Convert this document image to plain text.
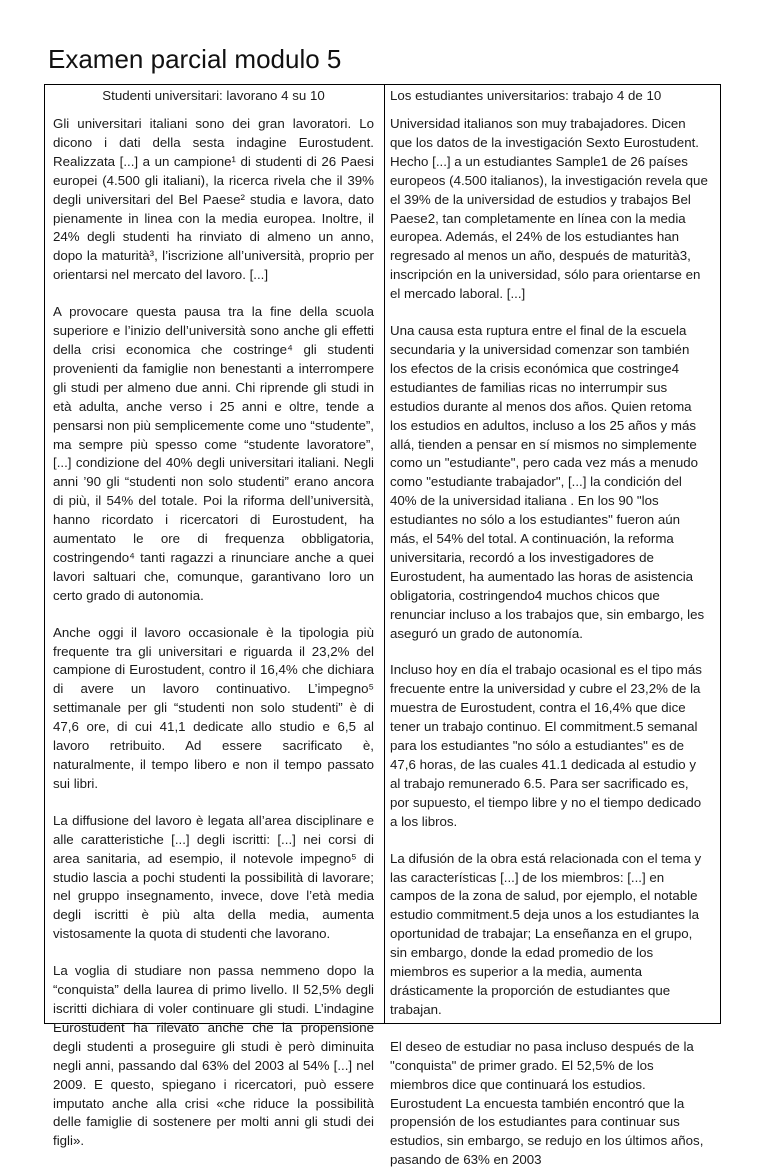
Examen parcial modulo 5
Studenti universitari: lavorano 4 su 10

Gli universitari italiani sono dei gran lavoratori. Lo dicono i dati della sesta indagine Eurostudent. Realizzata [...] a un campione¹ di studenti di 26 Paesi europei (4.500 gli italiani), la ricerca rivela che il 39% degli universitari del Bel Paese² studia e lavora, dato pienamente in linea con la media europea. Inoltre, il 24% degli studenti ha rinviato di almeno un anno, dopo la maturità³, l’iscrizione all’università, proprio per orientarsi nel mercato del lavoro. [...]

A provocare questa pausa tra la fine della scuola superiore e l’inizio dell’università sono anche gli effetti della crisi economica che costringe⁴ gli studenti provenienti da famiglie non benestanti a interrompere gli studi per almeno due anni. Chi riprende gli studi in età adulta, anche verso i 25 anni e oltre, tende a pensarsi non più semplicemente come uno “studente”, ma sempre più spesso come “studente lavoratore”, [...] condizione del 40% degli universitari italiani. Negli anni ’90 gli “studenti non solo studenti” erano ancora di più, il 54% del totale. Poi la riforma dell’università, hanno ricordato i ricercatori di Eurostudent, ha aumentato le ore di frequenza obbligatoria, costringendo⁴ tanti ragazzi a rinunciare anche a quei lavori saltuari che, comunque, garantivano loro un certo grado di autonomia.

Anche oggi il lavoro occasionale è la tipologia più frequente tra gli universitari e riguarda il 23,2% del campione di Eurostudent, contro il 16,4% che dichiara di avere un lavoro continuativo. L’impegno⁵ settimanale per gli “studenti non solo studenti” è di 47,6 ore, di cui 41,1 dedicate allo studio e 6,5 al lavoro retribuito. Ad essere sacrificato è, naturalmente, il tempo libero e non il tempo passato sui libri.

La diffusione del lavoro è legata all’area disciplinare e alle caratteristiche [...] degli iscritti: [...] nei corsi di area sanitaria, ad esempio, il notevole impegno⁵ di studio lascia a pochi studenti la possibilità di lavorare; nel gruppo insegnamento, invece, dove l’età media degli iscritti è più alta della media, aumenta vistosamente la quota di studenti che lavorano.

La voglia di studiare non passa nemmeno dopo la “conquista” della laurea di primo livello. Il 52,5% degli iscritti dichiara di voler continuare gli studi. L’indagine Eurostudent ha rilevato anche che la propensione degli studenti a proseguire gli studi è però diminuita negli anni, passando dal 63% del 2003 al 54% [...] nel 2009. E questo, spiegano i ricercatori, può essere imputato anche alla crisi «che riduce la possibilità delle famiglie di sostenere per molti anni gli studi dei figli».

Los estudiantes universitarios: trabajo 4 de 10

Universidad italianos son muy trabajadores. Dicen que los datos de la investigación Sexto Eurostudent. Hecho [...] a un estudiantes Sample1 de 26 países europeos (4.500 italianos), la investigación revela que el 39% de la universidad de estudios y trabajos Bel Paese2, tan completamente en línea con la media europea. Además, el 24% de los estudiantes han regresado al menos un año, después de maturità3, inscripción en la universidad, sólo para orientarse en el mercado laboral. [...]

Una causa esta ruptura entre el final de la escuela secundaria y la universidad comenzar son también los efectos de la crisis económica que costringe4 estudiantes de familias ricas no interrumpir sus estudios durante al menos dos años. Quien retoma los estudios en adultos, incluso a los 25 años y más allá, tienden a pensar en sí mismos no simplemente como un "estudiante", pero cada vez más a menudo como "estudiante trabajador", [...] la condición del 40% de la universidad italiana . En los 90 "los estudiantes no sólo a los estudiantes" fueron aún más, el 54% del total. A continuación, la reforma universitaria, recordó a los investigadores de Eurostudent, ha aumentado las horas de asistencia obligatoria, costringendo4 muchos chicos que renunciar incluso a los trabajos que, sin embargo, les aseguró un grado de autonomía.

Incluso hoy en día el trabajo ocasional es el tipo más frecuente entre la universidad y cubre el 23,2% de la muestra de Eurostudent, contra el 16,4% que dice tener un trabajo continuo. El commitment.5 semanal para los estudiantes "no sólo a estudiantes" es de 47,6 horas, de las cuales 41.1 dedicada al estudio y al trabajo remunerado 6.5. Para ser sacrificado es, por supuesto, el tiempo libre y no el tiempo dedicado a los libros.

La difusión de la obra está relacionada con el tema y las características [...] de los miembros: [...] en campos de la zona de salud, por ejemplo, el notable estudio commitment.5 deja unos a los estudiantes la oportunidad de trabajar; La enseñanza en el grupo, sin embargo, donde la edad promedio de los miembros es superior a la media, aumenta drásticamente la proporción de estudiantes que trabajan.

El deseo de estudiar no pasa incluso después de la "conquista" de primer grado. El 52,5% de los miembros dice que continuará los estudios. Eurostudent La encuesta también encontró que la propensión de los estudiantes para continuar sus estudios, sin embargo, se redujo en los últimos años, pasando de 63% en 2003
